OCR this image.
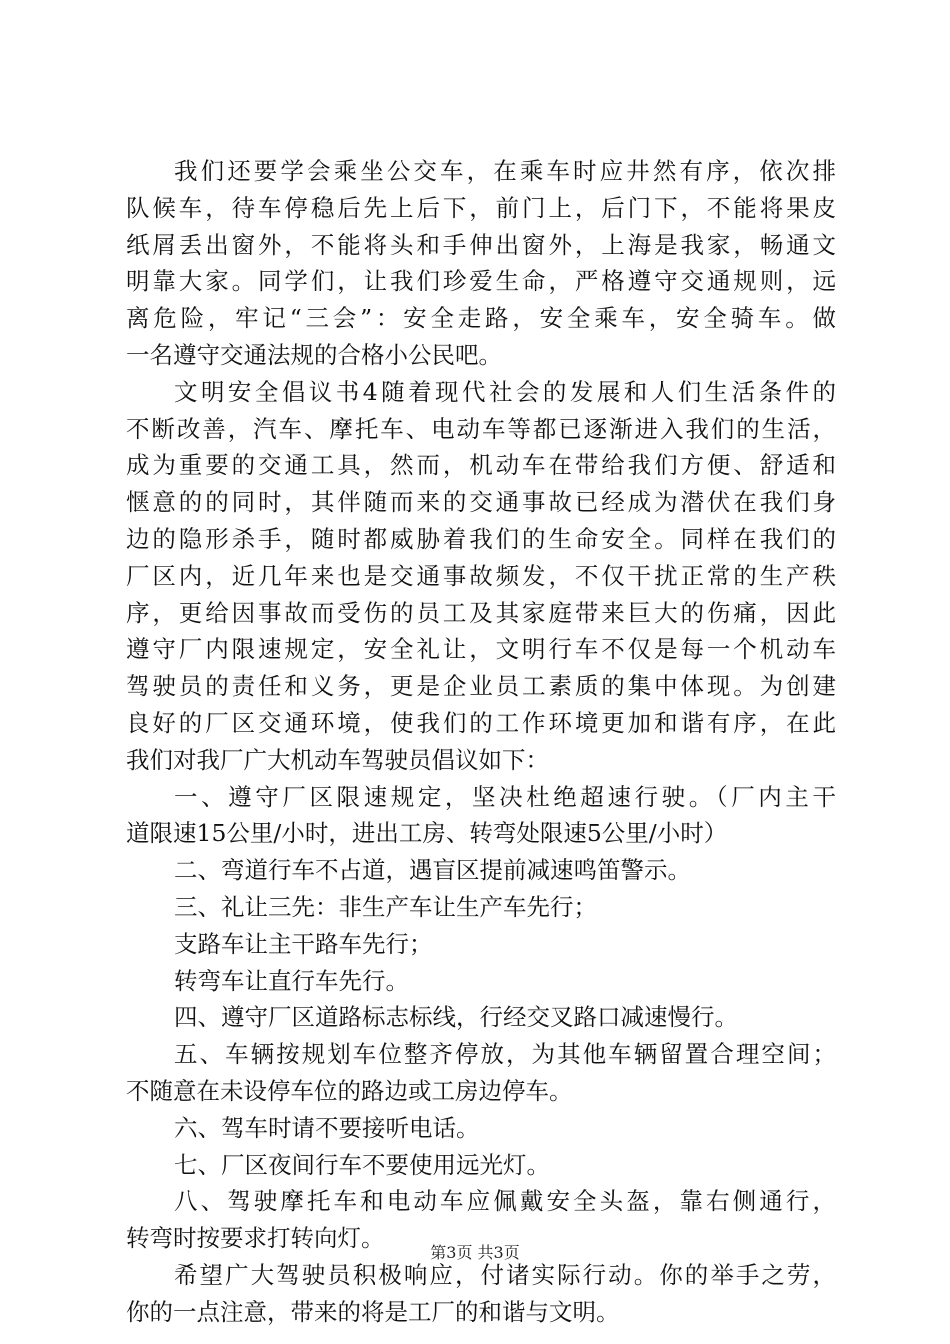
我们还要学会乘坐公交车，在乘车时应井然有序，依次排
队候车，待车停稳后先上后下，前门上，后门下，不能将果皮
纸屑丢出窗外，不能将头和手伸出窗外，上海是我家，畅通文
明靠大家。同学们，让我们珍爱生命，严格遵守交通规则，远
离危险，牢记“三会”：安全走路，安全乘车，安全骑车。做
一名遵守交通法规的合格小公民吧。
文明安全倡议书4随着现代社会的发展和人们生活条件的
不断改善，汽车、摩托车、电动车等都已逐渐进入我们的生活，
成为重要的交通工具，然而，机动车在带给我们方便、舒适和
惬意的的同时，其伴随而来的交通事故已经成为潜伏在我们身
边的隐形杀手，随时都威胁着我们的生命安全。同样在我们的
厂区内，近几年来也是交通事故频发，不仅干扰正常的生产秩
序，更给因事故而受伤的员工及其家庭带来巨大的伤痛，因此
遵守厂内限速规定，安全礼让，文明行车不仅是每一个机动车
驾驶员的责任和义务，更是企业员工素质的集中体现。为创建
良好的厂区交通环境，使我们的工作环境更加和谐有序，在此
我们对我厂广大机动车驾驶员倡议如下：
一、遵守厂区限速规定，坚决杜绝超速行驶。（厂内主干
道限速15公里/小时，进出工房、转弯处限速5公里/小时）
二、弯道行车不占道，遇盲区提前减速鸣笛警示。
三、礼让三先：非生产车让生产车先行；
支路车让主干路车先行；
转弯车让直行车先行。
四、遵守厂区道路标志标线，行经交叉路口减速慢行。
五、车辆按规划车位整齐停放，为其他车辆留置合理空间；
不随意在未设停车位的路边或工房边停车。
六、驾车时请不要接听电话。
七、厂区夜间行车不要使用远光灯。
八、驾驶摩托车和电动车应佩戴安全头盔，靠右侧通行，
转弯时按要求打转向灯。
希望广大驾驶员积极响应，付诸实际行动。你的举手之劳，
你的一点注意，带来的将是工厂的和谐与文明。
第3页 共3页
